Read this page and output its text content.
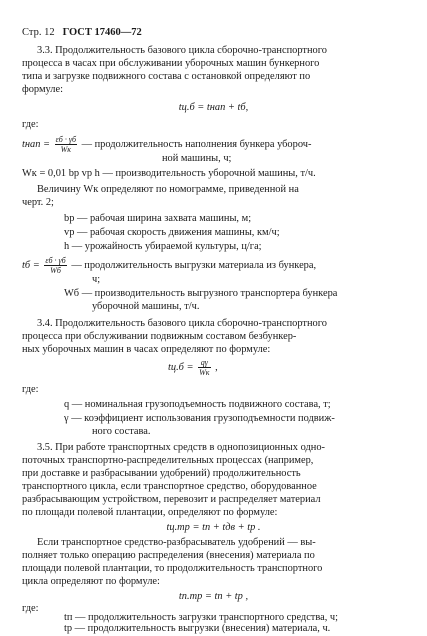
Стр. 12 ГОСТ 17460—72
3.3. Продолжительность базового цикла сборочно-транспортного
процесса в часах при обслуживании уборочных машин бункерного
типа и загрузке подвижного состава с остановкой определяют по
формуле:
tц.б = tнап + tб,
где:
tнап = $\frac{\varepsilon б \cdot \gamma б}{Wк}$ — продолжительность наполнения бункера убороч-
ной машины, ч;
Wк = 0,01 bр vр h — производительность уборочной машины, т/ч.
Величину Wк определяют по номограмме, приведенной на
черт. 2;
bр — рабочая ширина захвата машины, м;
vр — рабочая скорость движения машины, км/ч;
h — урожайность убираемой культуры, ц/га;
tб = $\frac{\varepsilon б \cdot \gamma б}{Wб}$ — продолжительность выгрузки материала из бункера,
ч;
Wб — производительность выгрузного транспортера бункера
уборочной машины, т/ч.
3.4. Продолжительность базового цикла сборочно-транспортного
процесса при обслуживании подвижным составом безбункер-
ных уборочных машин в часах определяют по формуле:
$tц.б = \frac{q\gamma}{Wк}$ ,
где:
q — номинальная грузоподъемность подвижного состава, т;
γ — коэффициент использования грузоподъемности подвиж-
ного состава.
3.5. При работе транспортных средств в однопозиционных одно-
поточных транспортно-распределительных процессах (например,
при доставке и разбрасывании удобрений) продолжительность
транспортного цикла, если транспортное средство, оборудованное
разбрасывающим устройством, перевозит и распределяет материал
по площади полевой плантации, определяют по формуле:
tц.тр = tп + tдв + tр .
Если транспортное средство-разбрасыватель удобрений — вы-
полняет только операцию распределения (внесения) материала по
площади полевой плантации, то продолжительность транспортного
цикла определяют по формуле:
tп.тр = tп + tр ,
где:
tп — продолжительность загрузки транспортного средства, ч;
tр — продолжительность выгрузки (внесения) материала, ч.
